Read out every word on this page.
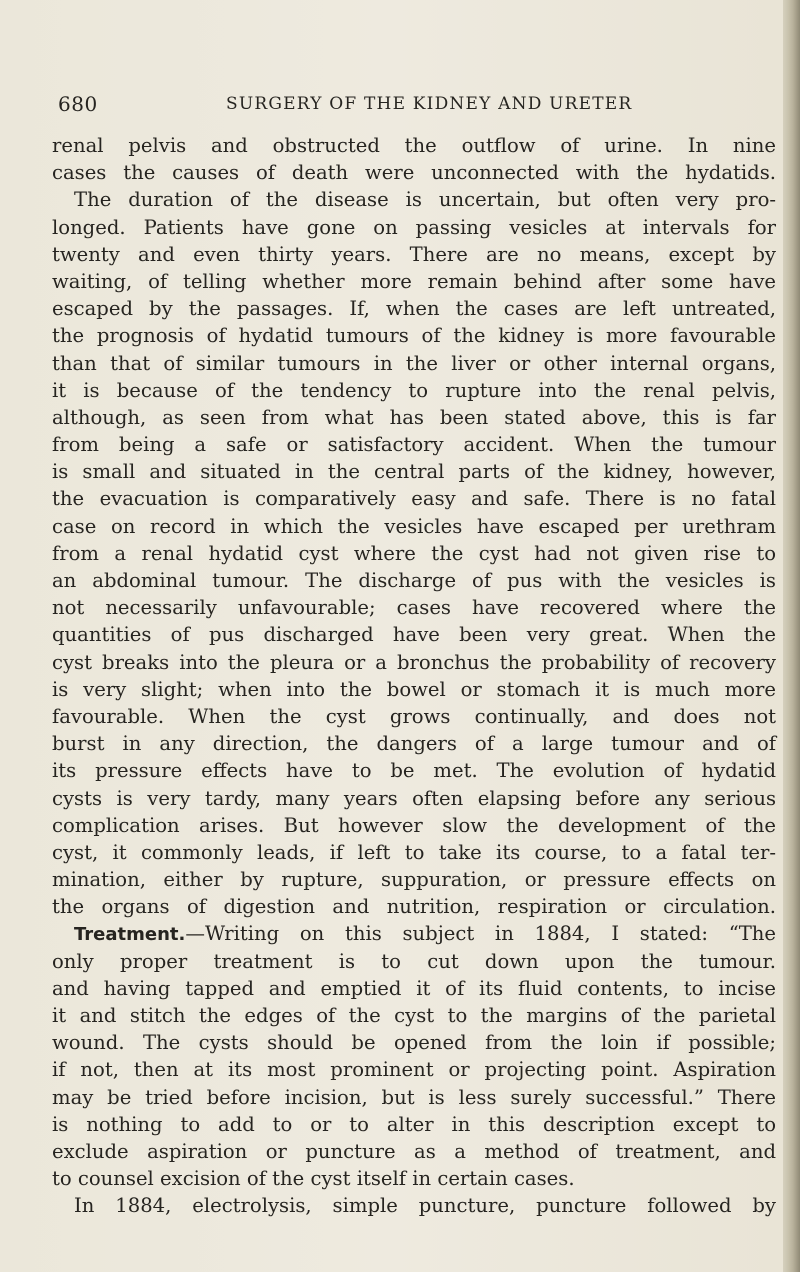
680	SURGERY OF THE KIDNEY AND URETER
renal pelvis and obstructed the outflow of urine. In nine
cases the causes of death were unconnected with the hydatids.
The duration of the disease is uncertain, but often very pro-
longed. Patients have gone on passing vesicles at intervals for
twenty and even thirty years. There are no means, except by
waiting, of telling whether more remain behind after some have
escaped by the passages. If, when the cases are left untreated,
the prognosis of hydatid tumours of the kidney is more favourable
than that of similar tumours in the liver or other internal organs,
it is because of the tendency to rupture into the renal pelvis,
although, as seen from what has been stated above, this is far
from being a safe or satisfactory accident. When the tumour
is small and situated in the central parts of the kidney, however,
the evacuation is comparatively easy and safe. There is no fatal
case on record in which the vesicles have escaped per urethram
from a renal hydatid cyst where the cyst had not given rise to
an abdominal tumour. The discharge of pus with the vesicles is
not necessarily unfavourable; cases have recovered where the
quantities of pus discharged have been very great. When the
cyst breaks into the pleura or a bronchus the probability of recovery
is very slight; when into the bowel or stomach it is much more
favourable. When the cyst grows continually, and does not
burst in any direction, the dangers of a large tumour and of
its pressure effects have to be met. The evolution of hydatid
cysts is very tardy, many years often elapsing before any serious
complication arises. But however slow the development of the
cyst, it commonly leads, if left to take its course, to a fatal ter-
mination, either by rupture, suppuration, or pressure effects on
the organs of digestion and nutrition, respiration or circulation.
Treatment.—Writing on this subject in 1884, I stated: “The
only proper treatment is to cut down upon the tumour.
and having tapped and emptied it of its fluid contents, to incise
it and stitch the edges of the cyst to the margins of the parietal
wound. The cysts should be opened from the loin if possible;
if not, then at its most prominent or projecting point. Aspiration
may be tried before incision, but is less surely successful.” There
is nothing to add to or to alter in this description except to
exclude aspiration or puncture as a method of treatment, and
to counsel excision of the cyst itself in certain cases.
In 1884, electrolysis, simple puncture, puncture followed by
